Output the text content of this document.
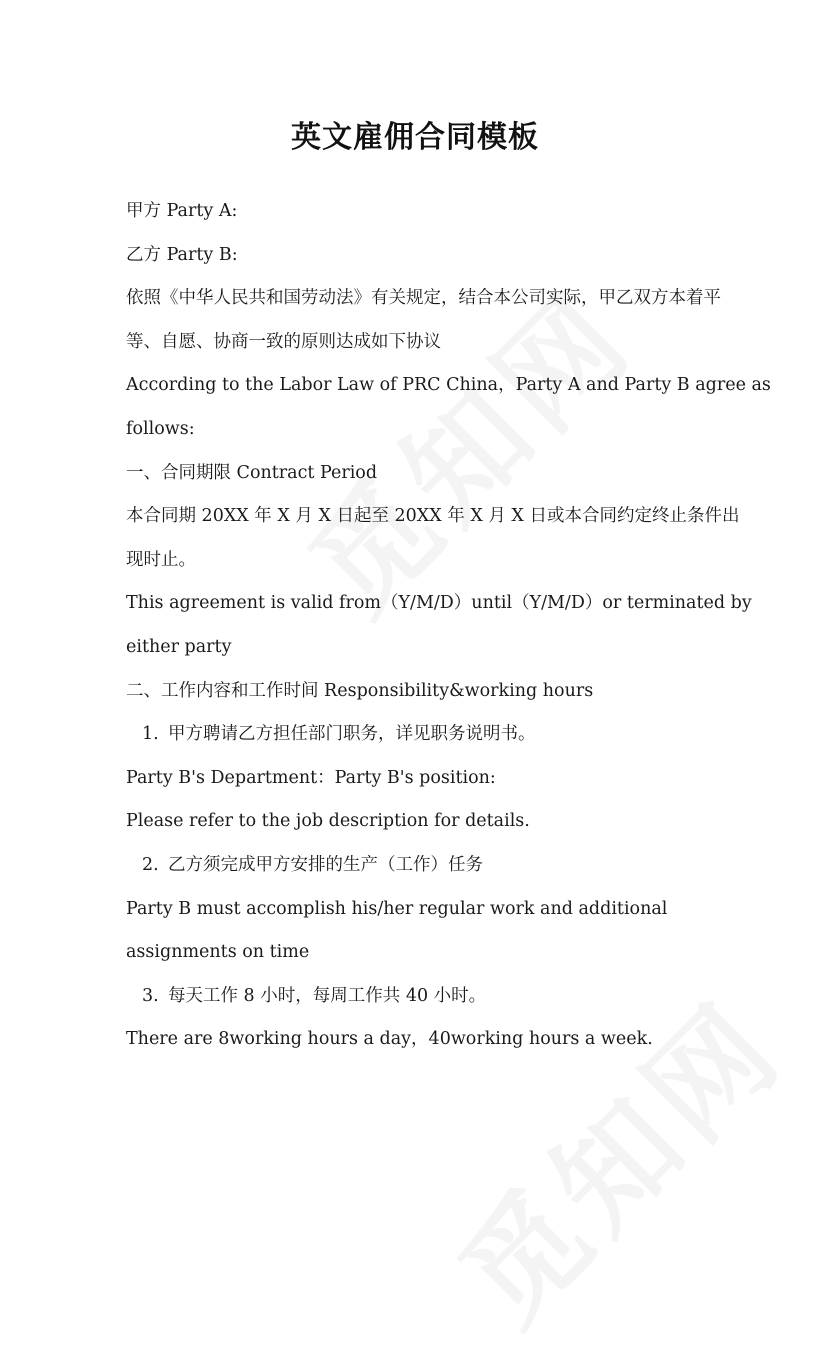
英文雇佣合同模板
甲方 Party A:
乙方 Party B:
依照《中华人民共和国劳动法》有关规定，结合本公司实际，甲乙双方本着平
等、自愿、协商一致的原则达成如下协议
According to the Labor Law of PRC China，Party A and Party B agree as
follows:
一、合同期限 Contract Period
本合同期 20XX 年 X 月 X 日起至 20XX 年 X 月 X 日或本合同约定终止条件出
现时止。
This agreement is valid from（Y/M/D）until（Y/M/D）or terminated by
either party
二、工作内容和工作时间 Responsibility&working hours
1. 甲方聘请乙方担任部门职务，详见职务说明书。
Party B's Department：Party B's position:
Please refer to the job description for details.
2. 乙方须完成甲方安排的生产（工作）任务
Party B must accomplish his/her regular work and additional
assignments on time
3. 每天工作 8 小时，每周工作共 40 小时。
There are 8working hours a day，40working hours a week.
